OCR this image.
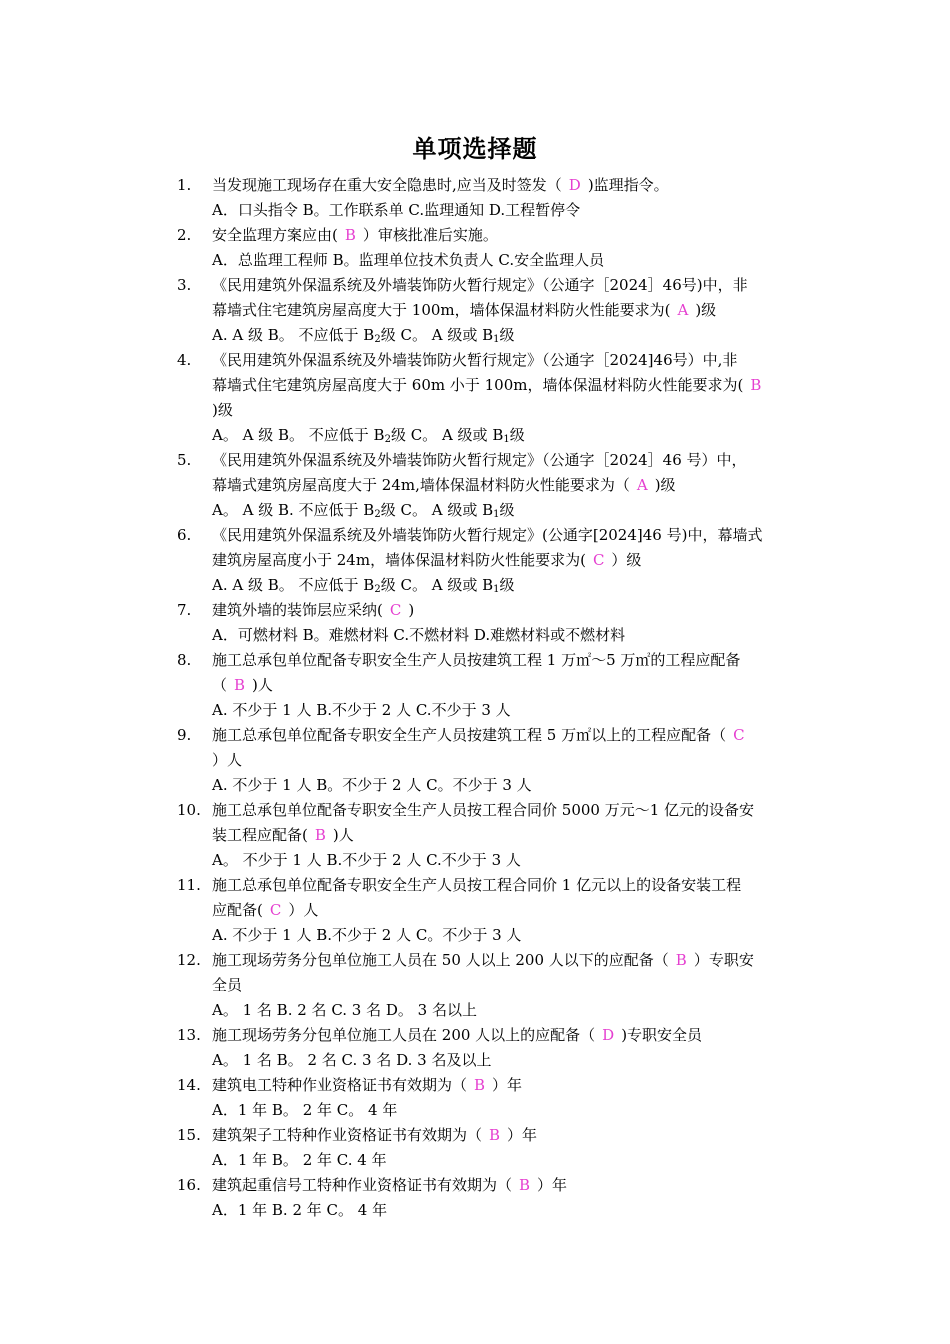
单项选择题
1. 当发现施工现场存在重大安全隐患时,应当及时签发（ D )监理指令。
A．口头指令 B。工作联系单 C.监理通知 D.工程暂停令
2. 安全监理方案应由( B ）审核批准后实施。
A．总监理工程师 B。监理单位技术负责人 C.安全监理人员
3. 《民用建筑外保温系统及外墙装饰防火暂行规定》（公通字［2024］46号)中，非
幕墙式住宅建筑房屋高度大于 100m，墙体保温材料防火性能要求为( A )级
A. A 级 B。 不应低于 $B_2$级 C。 A 级或 $B_1$级
4. 《民用建筑外保温系统及外墙装饰防火暂行规定》（公通字［2024]46号）中,非
幕墙式住宅建筑房屋高度大于 60m 小于 100m，墙体保温材料防火性能要求为( B
)级
A。 A 级 B。 不应低于 $B_2$级 C。 A 级或 $B_1$级
5. 《民用建筑外保温系统及外墙装饰防火暂行规定》（公通字［2024］46 号）中，
幕墙式建筑房屋高度大于 24m,墙体保温材料防火性能要求为（ A )级
A。 A 级 B. 不应低于 $B_2$级 C。 A 级或 $B_1$级
6. 《民用建筑外保温系统及外墙装饰防火暂行规定》(公通字[2024]46 号)中，幕墙式
建筑房屋高度小于 24m，墙体保温材料防火性能要求为( C ）级
A. A 级 B。 不应低于 $B_2$级 C。 A 级或 $B_1$级
7. 建筑外墙的装饰层应采纳( C )
A．可燃材料 B。难燃材料 C.不燃材料 D.难燃材料或不燃材料
8. 施工总承包单位配备专职安全生产人员按建筑工程 1 万㎡～5 万㎡的工程应配备
（ B )人
A. 不少于 1 人 B.不少于 2 人 C.不少于 3 人
9. 施工总承包单位配备专职安全生产人员按建筑工程 5 万㎡以上的工程应配备（ C
）人
A. 不少于 1 人 B。不少于 2 人 C。不少于 3 人
10. 施工总承包单位配备专职安全生产人员按工程合同价 5000 万元～1 亿元的设备安
装工程应配备( B )人
A。 不少于 1 人 B.不少于 2 人 C.不少于 3 人
11. 施工总承包单位配备专职安全生产人员按工程合同价 1 亿元以上的设备安装工程
应配备( C ）人
A. 不少于 1 人 B.不少于 2 人 C。不少于 3 人
12. 施工现场劳务分包单位施工人员在 50 人以上 200 人以下的应配备（ B ）专职安
全员
A。 1 名 B. 2 名 C. 3 名 D。 3 名以上
13. 施工现场劳务分包单位施工人员在 200 人以上的应配备（ D )专职安全员
A。 1 名 B。 2 名 C. 3 名 D. 3 名及以上
14. 建筑电工特种作业资格证书有效期为（ B ）年
A．1 年 B。 2 年 C。 4 年
15. 建筑架子工特种作业资格证书有效期为（ B ）年
A．1 年 B。 2 年 C. 4 年
16. 建筑起重信号工特种作业资格证书有效期为（ B ）年
A．1 年 B. 2 年 C。 4 年
